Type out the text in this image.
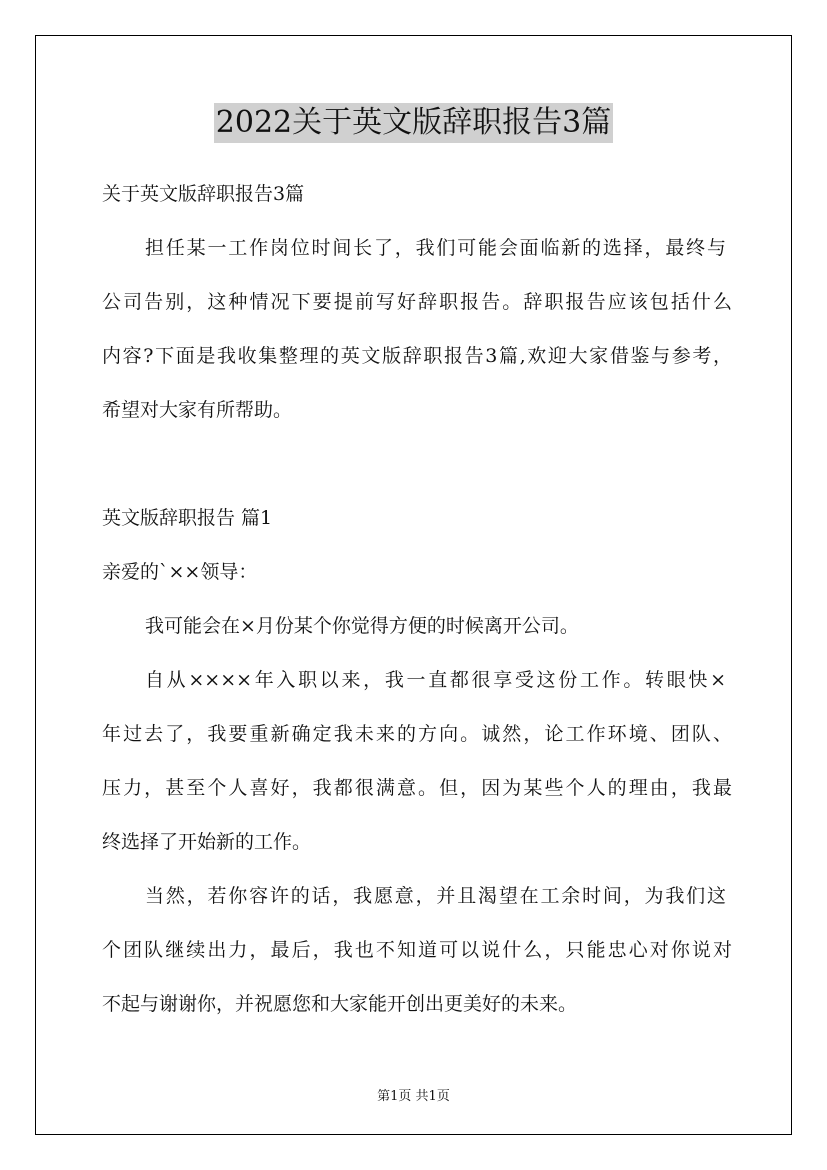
2022关于英文版辞职报告3篇
关于英文版辞职报告3篇
担任某一工作岗位时间长了，我们可能会面临新的选择，最终与
公司告别，这种情况下要提前写好辞职报告。辞职报告应该包括什么
内容?下面是我收集整理的英文版辞职报告3篇,欢迎大家借鉴与参考，
希望对大家有所帮助。
英文版辞职报告 篇1
亲爱的`××领导：
我可能会在×月份某个你觉得方便的时候离开公司。
自从××××年入职以来，我一直都很享受这份工作。转眼快×
年过去了，我要重新确定我未来的方向。诚然，论工作环境、团队、
压力，甚至个人喜好，我都很满意。但，因为某些个人的理由，我最
终选择了开始新的工作。
当然，若你容许的话，我愿意，并且渴望在工余时间，为我们这
个团队继续出力，最后，我也不知道可以说什么，只能忠心对你说对
不起与谢谢你，并祝愿您和大家能开创出更美好的未来。
第1页 共1页
